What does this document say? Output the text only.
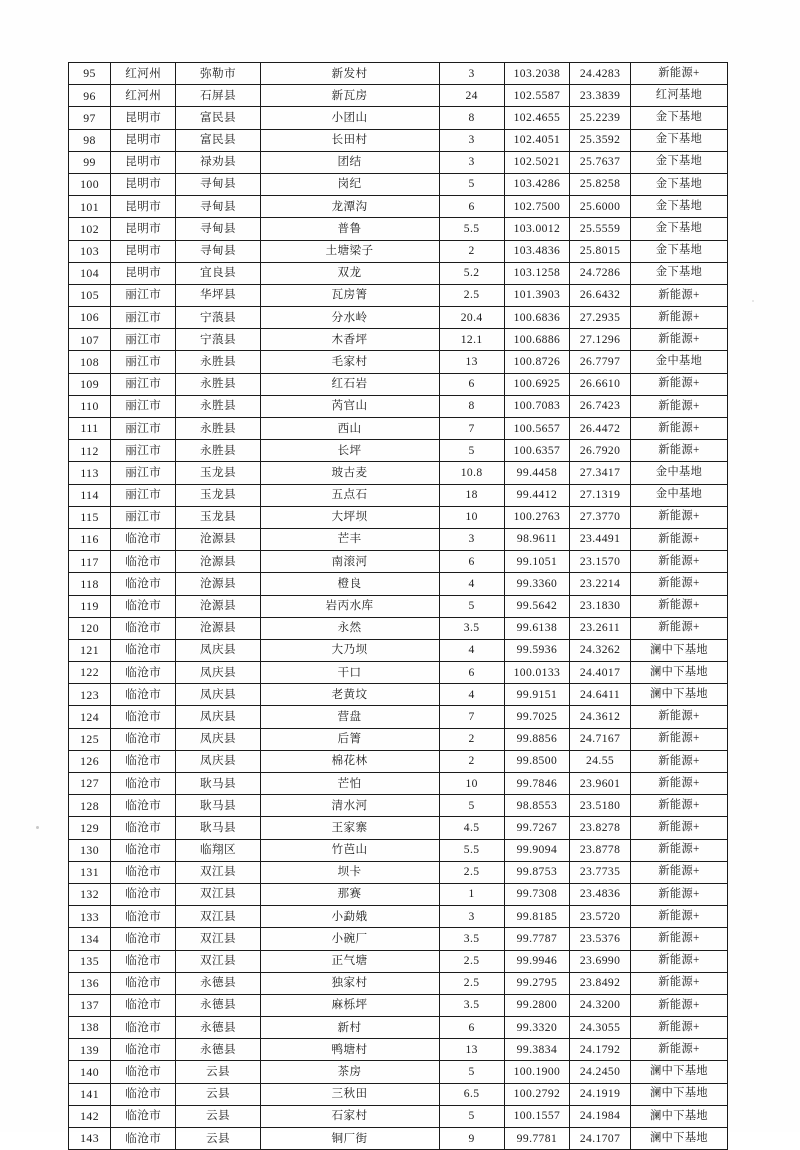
95	红河州	弥勒市	新发村	3	103.2038	24.4283	新能源+
96	红河州	石屏县	新瓦房	24	102.5587	23.3839	红河基地
97	昆明市	富民县	小团山	8	102.4655	25.2239	金下基地
98	昆明市	富民县	长田村	3	102.4051	25.3592	金下基地
99	昆明市	禄劝县	团结	3	102.5021	25.7637	金下基地
100	昆明市	寻甸县	岗纪	5	103.4286	25.8258	金下基地
101	昆明市	寻甸县	龙潭沟	6	102.7500	25.6000	金下基地
102	昆明市	寻甸县	普鲁	5.5	103.0012	25.5559	金下基地
103	昆明市	寻甸县	土塘梁子	2	103.4836	25.8015	金下基地
104	昆明市	宜良县	双龙	5.2	103.1258	24.7286	金下基地
105	丽江市	华坪县	瓦房箐	2.5	101.3903	26.6432	新能源+
106	丽江市	宁蒗县	分水岭	20.4	100.6836	27.2935	新能源+
107	丽江市	宁蒗县	木香坪	12.1	100.6886	27.1296	新能源+
108	丽江市	永胜县	毛家村	13	100.8726	26.7797	金中基地
109	丽江市	永胜县	红石岩	6	100.6925	26.6610	新能源+
110	丽江市	永胜县	芮官山	8	100.7083	26.7423	新能源+
111	丽江市	永胜县	西山	7	100.5657	26.4472	新能源+
112	丽江市	永胜县	长坪	5	100.6357	26.7920	新能源+
113	丽江市	玉龙县	玻古麦	10.8	99.4458	27.3417	金中基地
114	丽江市	玉龙县	五点石	18	99.4412	27.1319	金中基地
115	丽江市	玉龙县	大坪坝	10	100.2763	27.3770	新能源+
116	临沧市	沧源县	芒丰	3	98.9611	23.4491	新能源+
117	临沧市	沧源县	南滚河	6	99.1051	23.1570	新能源+
118	临沧市	沧源县	橙良	4	99.3360	23.2214	新能源+
119	临沧市	沧源县	岩丙水库	5	99.5642	23.1830	新能源+
120	临沧市	沧源县	永然	3.5	99.6138	23.2611	新能源+
121	临沧市	凤庆县	大乃坝	4	99.5936	24.3262	澜中下基地
122	临沧市	凤庆县	干口	6	100.0133	24.4017	澜中下基地
123	临沧市	凤庆县	老黄坟	4	99.9151	24.6411	澜中下基地
124	临沧市	凤庆县	营盘	7	99.7025	24.3612	新能源+
125	临沧市	凤庆县	后箐	2	99.8856	24.7167	新能源+
126	临沧市	凤庆县	棉花林	2	99.8500	24.55	新能源+
127	临沧市	耿马县	芒怕	10	99.7846	23.9601	新能源+
128	临沧市	耿马县	清水河	5	98.8553	23.5180	新能源+
129	临沧市	耿马县	王家寨	4.5	99.7267	23.8278	新能源+
130	临沧市	临翔区	竹芭山	5.5	99.9094	23.8778	新能源+
131	临沧市	双江县	坝卡	2.5	99.8753	23.7735	新能源+
132	临沧市	双江县	那赛	1	99.7308	23.4836	新能源+
133	临沧市	双江县	小勐娥	3	99.8185	23.5720	新能源+
134	临沧市	双江县	小碗厂	3.5	99.7787	23.5376	新能源+
135	临沧市	双江县	正气塘	2.5	99.9946	23.6990	新能源+
136	临沧市	永德县	独家村	2.5	99.2795	23.8492	新能源+
137	临沧市	永德县	麻栎坪	3.5	99.2800	24.3200	新能源+
138	临沧市	永德县	新村	6	99.3320	24.3055	新能源+
139	临沧市	永德县	鸭塘村	13	99.3834	24.1792	新能源+
140	临沧市	云县	茶房	5	100.1900	24.2450	澜中下基地
141	临沧市	云县	三秋田	6.5	100.2792	24.1919	澜中下基地
142	临沧市	云县	石家村	5	100.1557	24.1984	澜中下基地
143	临沧市	云县	铜厂街	9	99.7781	24.1707	澜中下基地
